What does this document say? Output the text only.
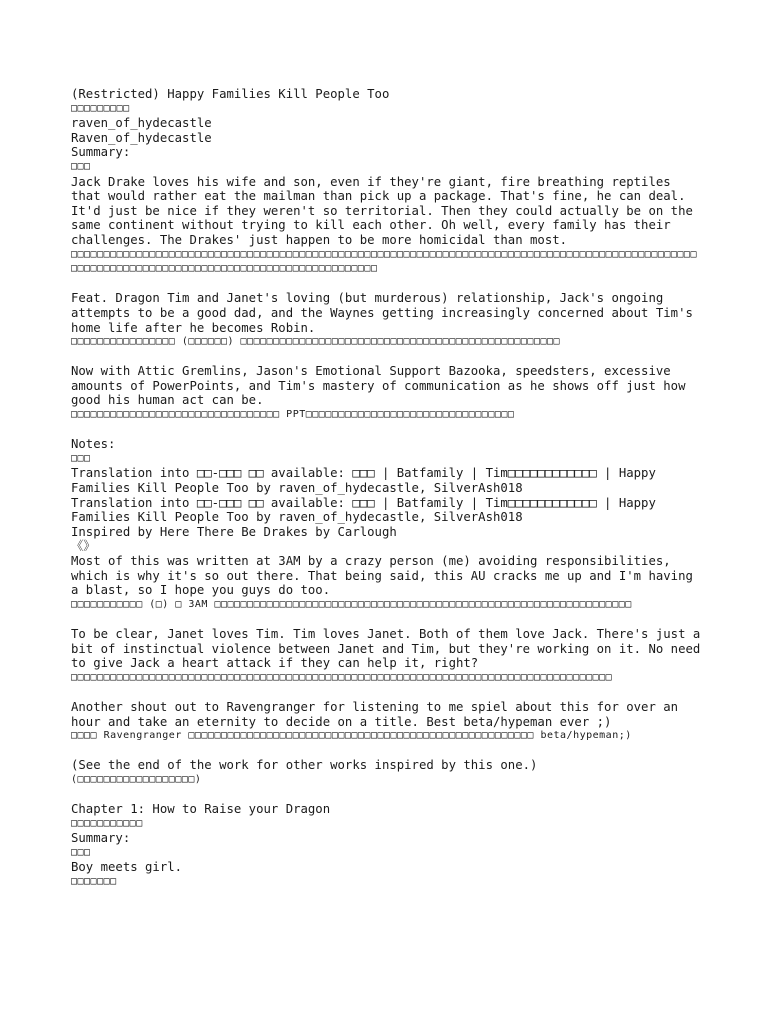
(Restricted) Happy Families Kill People Too
□□□□□□□□□
raven_of_hydecastle
Raven_of_hydecastle
Summary:
□□□
Jack Drake loves his wife and son, even if they're giant, fire breathing reptiles that would rather eat the mailman than pick up a package. That's fine, he can deal. It'd just be nice if they weren't so territorial. Then they could actually be on the same continent without trying to kill each other. Oh well, every family has their challenges. The Drakes' just happen to be more homicidal than most.
□□□□□□□□□□□□□□□□□□□□□□□□□□□□□□□□□□□□□□□□□□□□□□□□□□□□□□□□□□□□□□□□□□□□□□□□□□□□□□□□□□□□□□□□□□□□□□□□□□□□□□□□□□□□□□□□□□□□□□□□□□□□□□□□□□□□□□□□□□□□□□□
Feat. Dragon Tim and Janet's loving (but murderous) relationship, Jack's ongoing attempts to be a good dad, and the Waynes getting increasingly concerned about Tim's home life after he becomes Robin.
□□□□□□□□□□□□□□□□ (□□□□□□) □□□□□□□□□□□□□□□□□□□□□□□□□□□□□□□□□□□□□□□□□□□□□□□□□
Now with Attic Gremlins, Jason's Emotional Support Bazooka, speedsters, excessive amounts of PowerPoints, and Tim's mastery of communication as he shows off just how good his human act can be.
□□□□□□□□□□□□□□□□□□□□□□□□□□□□□□□□ PPT□□□□□□□□□□□□□□□□□□□□□□□□□□□□□□□□
Notes:
□□□
Translation into □□-□□□ □□ available: □□□ | Batfamily | Tim□□□□□□□□□□□□ | Happy Families Kill People Too by raven_of_hydecastle, SilverAsh018
Translation into □□-□□□ □□ available: □□□ | Batfamily | Tim□□□□□□□□□□□□ | Happy Families Kill People Too by raven_of_hydecastle, SilverAsh018
Inspired by Here There Be Drakes by Carlough
《》
Most of this was written at 3AM by a crazy person (me) avoiding responsibilities, which is why it's so out there. That being said, this AU cracks me up and I'm having a blast, so I hope you guys do too.
□□□□□□□□□□□ (□) □ 3AM □□□□□□□□□□□□□□□□□□□□□□□□□□□□□□□□□□□□□□□□□□□□□□□□□□□□□□□□□□□□□□□□
To be clear, Janet loves Tim. Tim loves Janet. Both of them love Jack. There's just a bit of instinctual violence between Janet and Tim, but they're working on it. No need to give Jack a heart attack if they can help it, right?
□□□□□□□□□□□□□□□□□□□□□□□□□□□□□□□□□□□□□□□□□□□□□□□□□□□□□□□□□□□□□□□□□□□□□□□□□□□□□□□□□□□
Another shout out to Ravengranger for listening to me spiel about this for over an hour and take an eternity to decide on a title. Best beta/hypeman ever ;)
□□□□ Ravengranger □□□□□□□□□□□□□□□□□□□□□□□□□□□□□□□□□□□□□□□□□□□□□□□□□□□□□ beta/hypeman;)
(See the end of the work for other works inspired by this one.)
(□□□□□□□□□□□□□□□□□□)
Chapter 1: How to Raise your Dragon
□□□□□□□□□□□
Summary:
□□□
Boy meets girl.
□□□□□□□
